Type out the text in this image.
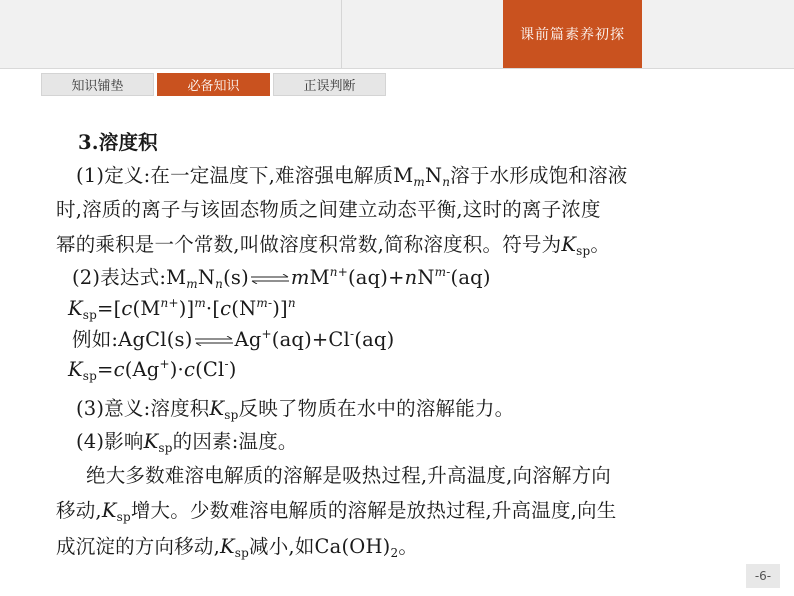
课前篇素养初探
知识铺垫	必备知识	正误判断
3.溶度积
(1)定义:在一定温度下,难溶强电解质$M_mN_n$溶于水形成饱和溶液
时,溶质的离子与该固态物质之间建立动态平衡,这时的离子浓度
幂的乘积是一个常数,叫做溶度积常数,简称溶度积。符号为$K_{sp}$。
(2)表达式$:M_mN_n(s)\rightleftharpoons mM^{n+}(aq)+nN^{m-}(aq)$
$K_{sp}=[c(M^{n+})]^m\cdot[c(N^{m-})]^n$
例如:AgCl(s)⇌Ag+(aq)+Cl-(aq)
$K_{sp}=c(Ag^+)\cdot c(Cl^-)$
(3)意义:溶度积$K_{sp}$反映了物质在水中的溶解能力。
(4)影响$K_{sp}$的因素:温度。
绝大多数难溶电解质的溶解是吸热过程,升高温度,向溶解方向
移动$,K_{sp}$增大。少数难溶电解质的溶解是放热过程,升高温度,向生
成沉淀的方向移动$,K_{sp}$减小,如$Ca(OH)_2$。
-6-
